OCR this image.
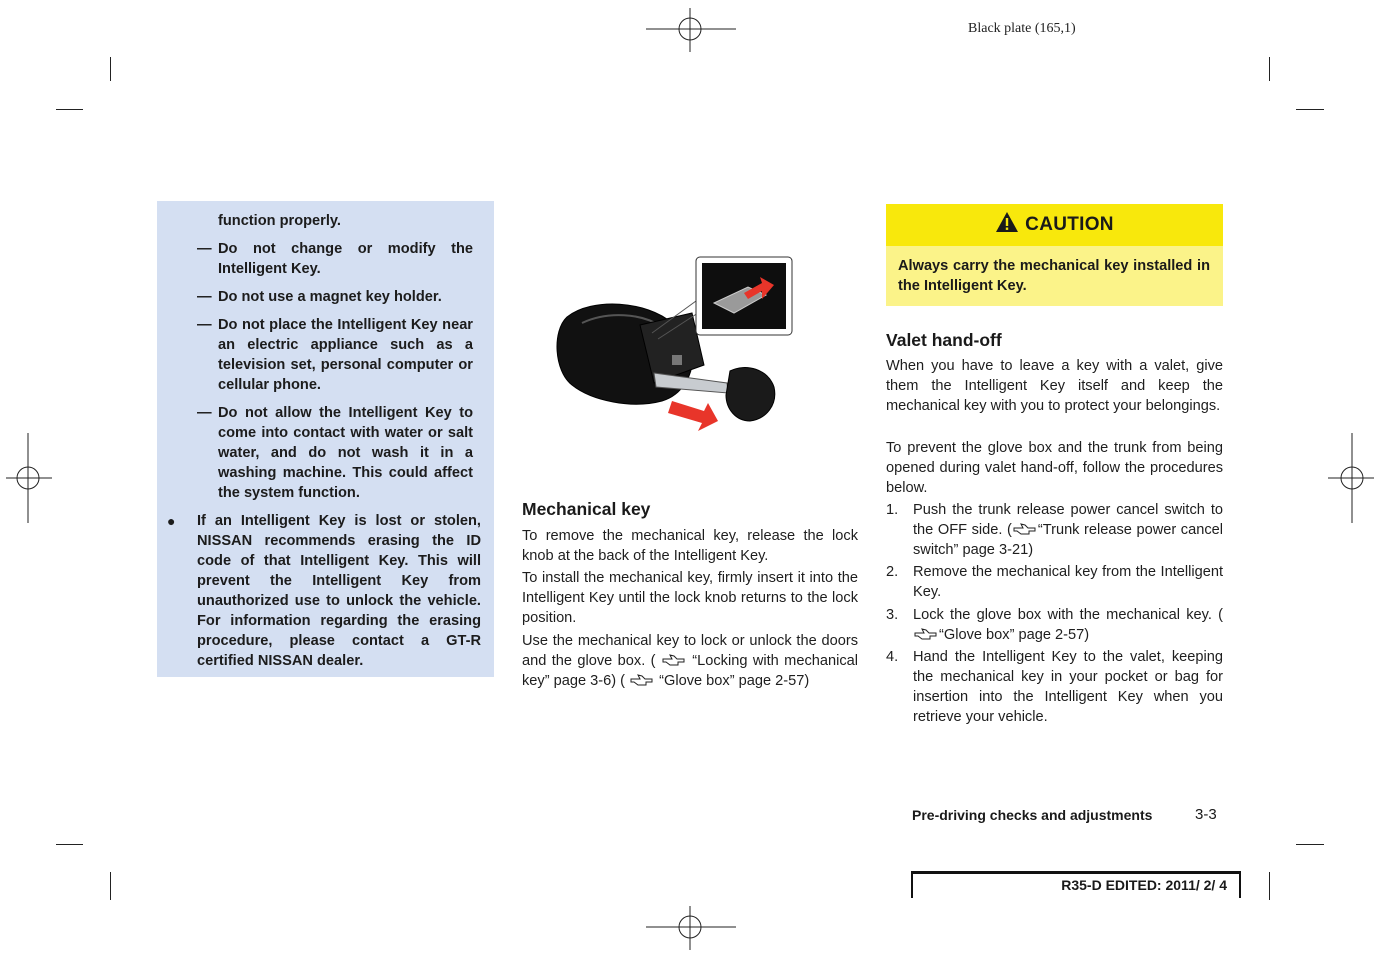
Black plate (165,1)
function properly.
— Do not change or modify the Intelligent Key.
— Do not use a magnet key holder.
— Do not place the Intelligent Key near an electric appliance such as a television set, personal computer or cellular phone.
— Do not allow the Intelligent Key to come into contact with water or salt water, and do not wash it in a washing machine. This could affect the system function.
●	If an Intelligent Key is lost or stolen, NISSAN recommends erasing the ID code of that Intelligent Key. This will prevent the Intelligent Key from unauthorized use to unlock the vehicle. For information regarding the erasing procedure, please contact a GT-R certified NISSAN dealer.
Mechanical key
To remove the mechanical key, release the lock knob at the back of the Intelligent Key.
To install the mechanical key, firmly insert it into the Intelligent Key until the lock knob returns to the lock position.
Use the mechanical key to lock or unlock the doors and the glove box. (	“Locking with mechanical key” page 3-6) ( “Glove box” page 2-57)
CAUTION
Always carry the mechanical key installed in the Intelligent Key.
Valet hand-off
When you have to leave a key with a valet, give them the Intelligent Key itself and keep the mechanical key with you to protect your belongings.
To prevent the glove box and the trunk from being opened during valet hand-off, follow the procedures below.
1.	Push the trunk release power cancel switch to the OFF side. ( “Trunk release power cancel switch” page 3-21)
2.	Remove the mechanical key from the Intelligent Key.
3.	Lock the glove box with the mechanical key. (“Glove box” page 2-57)
4.	Hand the Intelligent Key to the valet, keeping the mechanical key in your pocket or bag for insertion into the Intelligent Key when you retrieve your vehicle.
Pre-driving checks and adjustments	3-3
R35-D EDITED: 2011/ 2/ 4
